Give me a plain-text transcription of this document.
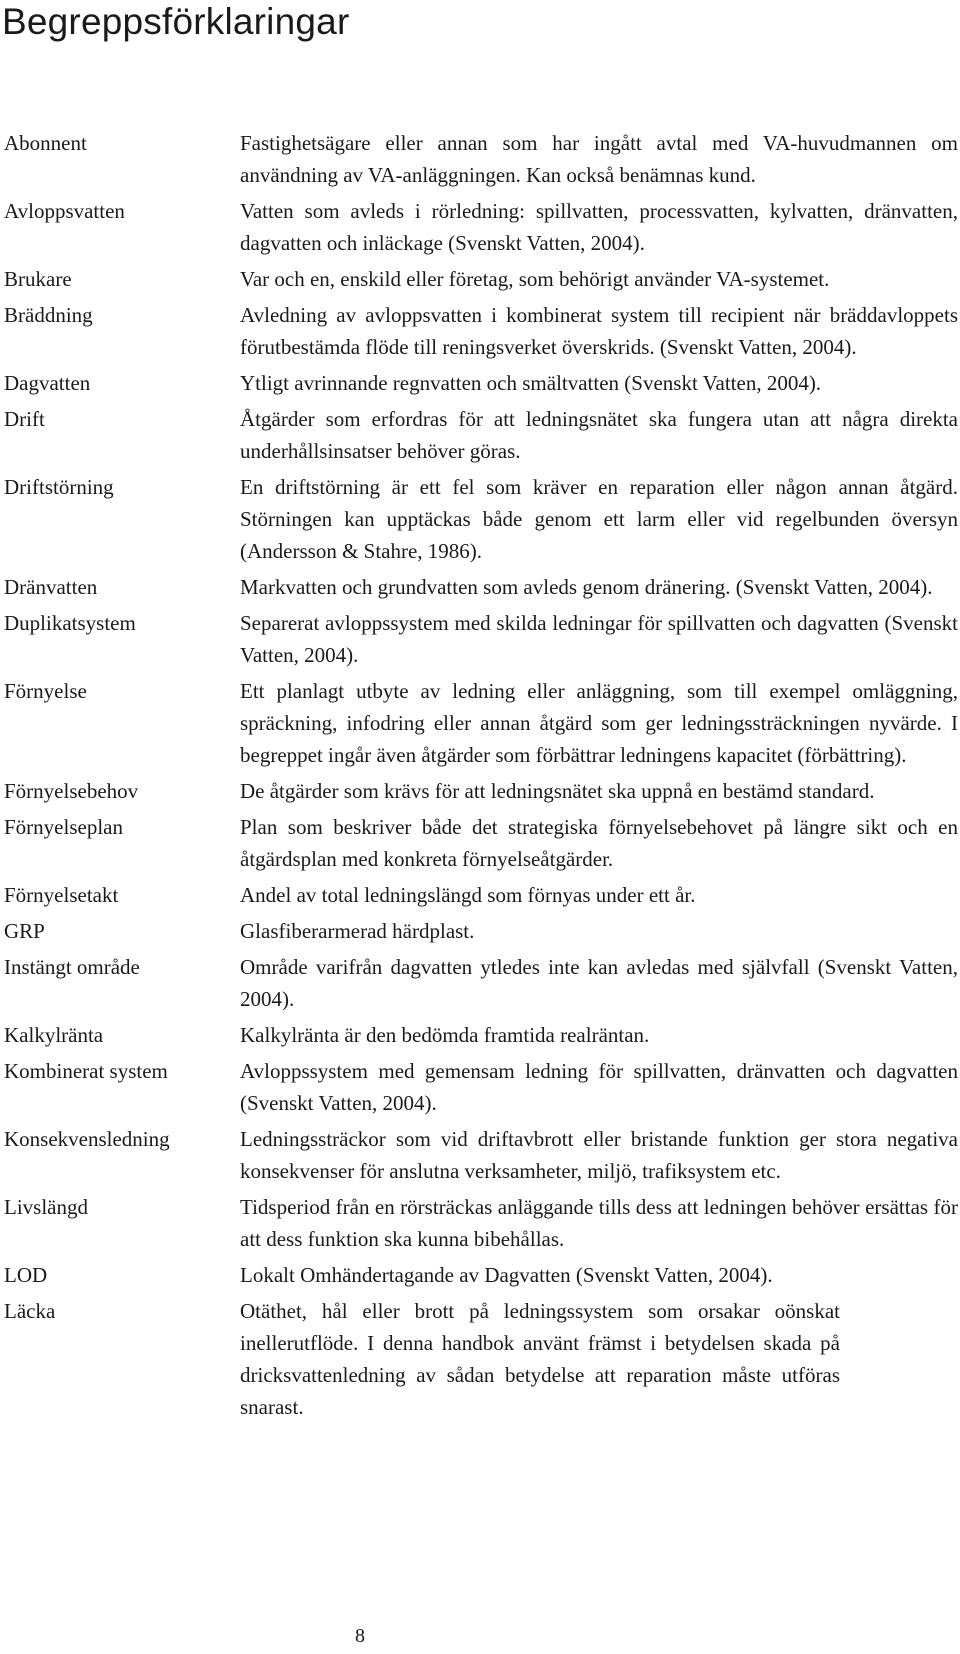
Begreppsförklaringar
Abonnent	Fastighetsägare eller annan som har ingått avtal med VA-huvudmannen om användning av VA-anläggningen. Kan också benämnas kund.
Avloppsvatten	Vatten som avleds i rörledning: spillvatten, processvatten, kylvatten, dränvatten, dagvatten och inläckage (Svenskt Vatten, 2004).
Brukare	Var och en, enskild eller företag, som behörigt använder VA-systemet.
Bräddning	Avledning av avloppsvatten i kombinerat system till recipient när bräddavloppets förutbestämda flöde till reningsverket överskrids. (Svenskt Vatten, 2004).
Dagvatten	Ytligt avrinnande regnvatten och smältvatten (Svenskt Vatten, 2004).
Drift	Åtgärder som erfordras för att ledningsnätet ska fungera utan att några direkta underhållsinsatser behöver göras.
Driftstörning	En driftstörning är ett fel som kräver en reparation eller någon annan åtgärd. Störningen kan upptäckas både genom ett larm eller vid regelbunden översyn (Andersson & Stahre, 1986).
Dränvatten	Markvatten och grundvatten som avleds genom dränering. (Svenskt Vatten, 2004).
Duplikatsystem	Separerat avloppssystem med skilda ledningar för spillvatten och dagvatten (Svenskt Vatten, 2004).
Förnyelse	Ett planlagt utbyte av ledning eller anläggning, som till exempel omläggning, spräckning, infodring eller annan åtgärd som ger ledningssträckningen nyvärde. I begreppet ingår även åtgärder som förbättrar ledningens kapacitet (förbättring).
Förnyelsebehov	De åtgärder som krävs för att ledningsnätet ska uppnå en bestämd standard.
Förnyelseplan	Plan som beskriver både det strategiska förnyelsebehovet på längre sikt och en åtgärdsplan med konkreta förnyelseåtgärder.
Förnyelsetakt	Andel av total ledningslängd som förnyas under ett år.
GRP	Glasfiberarmerad härdplast.
Instängt område	Område varifrån dagvatten ytledes inte kan avledas med självfall (Svenskt Vatten, 2004).
Kalkylränta	Kalkylränta är den bedömda framtida realräntan.
Kombinerat system	Avloppssystem med gemensam ledning för spillvatten, dränvatten och dagvatten (Svenskt Vatten, 2004).
Konsekvensledning	Ledningssträckor som vid driftavbrott eller bristande funktion ger stora negativa konsekvenser för anslutna verksamheter, miljö, trafiksystem etc.
Livslängd	Tidsperiod från en rörsträckas anläggande tills dess att ledningen behöver ersättas för att dess funktion ska kunna bibehållas.
LOD	Lokalt Omhändertagande av Dagvatten (Svenskt Vatten, 2004).
Läcka	Otäthet, hål eller brott på ledningssystem som orsakar oönskat inellerutflöde. I denna handbok använt främst i betydelsen skada på dricksvattenledning av sådan betydelse att reparation måste utföras snarast.
8
